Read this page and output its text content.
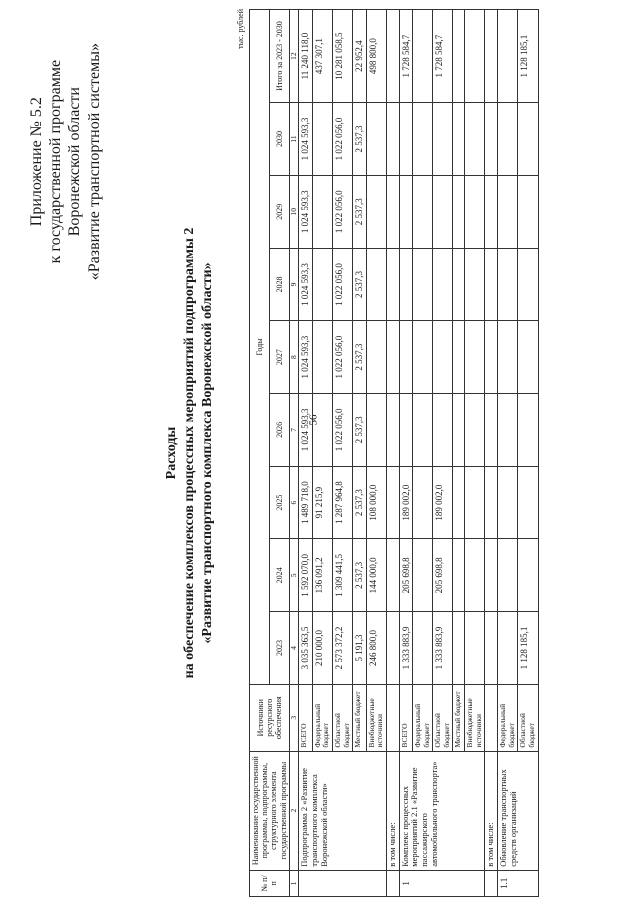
56
Приложение № 5.2 к государственной программе Воронежской области «Развитие транспортной системы»
Расходы на обеспечение комплексов процессных мероприятий подпрограммы 2 «Развитие транспортного комплекса Воронежской области»
тыс. рублей
№ п/п	Наименование государственной программы, подпрограммы, структурного элемента государственной программы	Источники ресурсного обеспечения	Годы								
			2023	2024	2025	2026	2027	2028	2029	2030	Итого за 2023 - 2030
1	2	3	4	5	6	7	8	9	10	11	12
	Подпрограмма 2 «Развитие транспортного комплекса Воронежской области»	ВСЕГО	3 035 363,5	1 592 070,0	1 489 718,0	1 024 593,3	1 024 593,3	1 024 593,3	1 024 593,3	1 024 593,3	11 240 118,0
		Федеральный бюджет	210 000,0	136 091,2	91 215,9						437 307,1
		Областной бюджет	2 573 372,2	1 309 441,5	1 287 964,8	1 022 056,0	1 022 056,0	1 022 056,0	1 022 056,0	1 022 056,0	10 281 058,5
		Местный бюджет	5 191,3	2 537,3	2 537,3	2 537,3	2 537,3	2 537,3	2 537,3	2 537,3	22 952,4
		Внебюджетные источники	246 800,0	144 000,0	108 000,0						498 800,0
	в том числе:										
1	Комплекс процессных мероприятий 2.1 «Развитие пассажирского автомобильного транспорта»	ВСЕГО	1 333 883,9	205 698,8	189 002,0						1 728 584,7
		Федеральный бюджет									
		Областной бюджет	1 333 883,9	205 698,8	189 002,0						1 728 584,7
		Местный бюджет									
		Внебюджетные источники									
	в том числе:										
1.1	Обновление транспортных средств организаций	Федеральный бюджет									
		Областной бюджет	1 128 185,1								1 128 185,1
